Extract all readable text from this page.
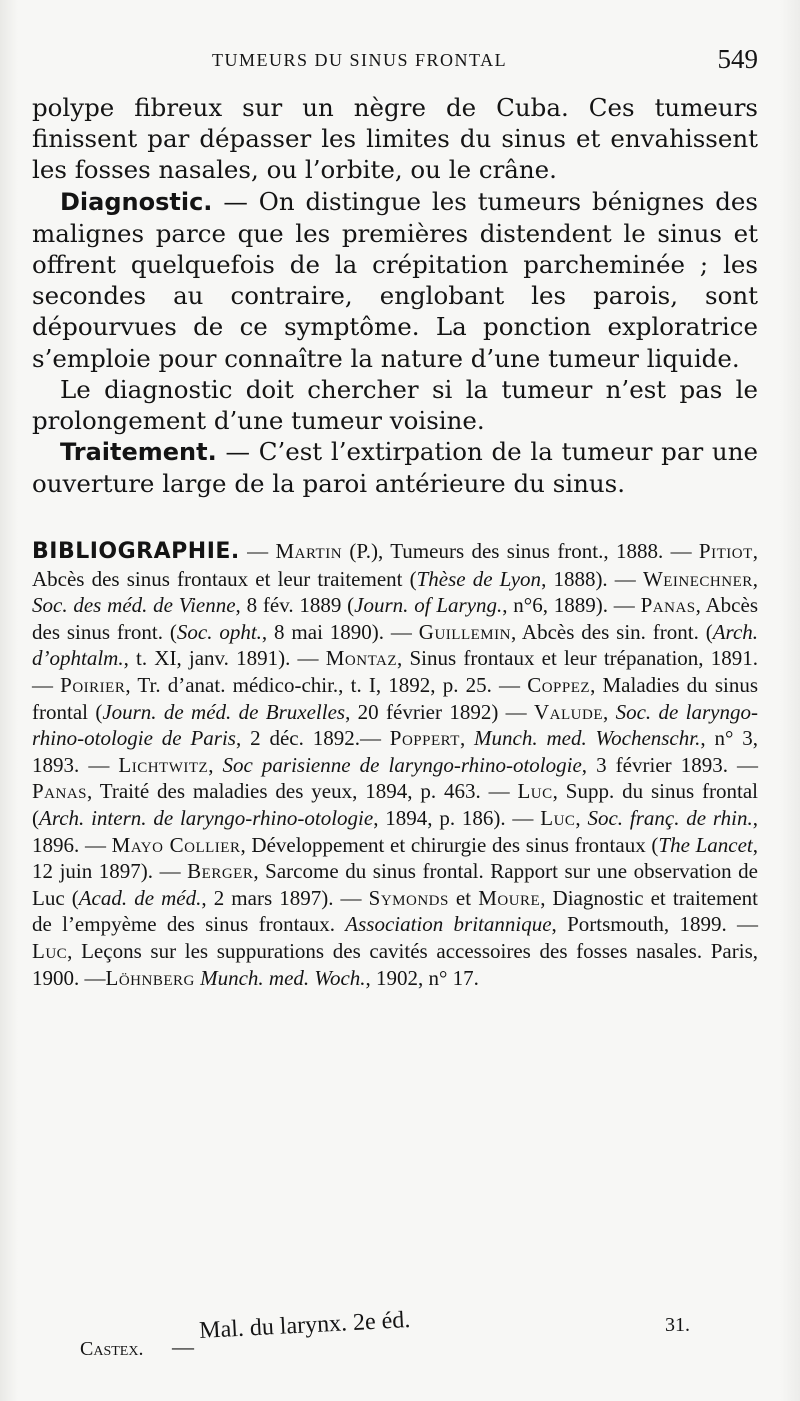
TUMEURS DU SINUS FRONTAL	549

polype fibreux sur un nègre de Cuba. Ces tumeurs finissent par dépasser les limites du sinus et envahissent les fosses nasales, ou l’orbite, ou le crâne.

Diagnostic. — On distingue les tumeurs bénignes des malignes parce que les premières distendent le sinus et offrent quelquefois de la crépitation parcheminée ; les secondes au contraire, englobant les parois, sont dépourvues de ce symptôme. La ponction exploratrice s’emploie pour connaître la nature d’une tumeur liquide.

Le diagnostic doit chercher si la tumeur n’est pas le prolongement d’une tumeur voisine.

Traitement. — C’est l’extirpation de la tumeur par une ouverture large de la paroi antérieure du sinus.

BIBLIOGRAPHIE. — Martin (P.), Tumeurs des sinus front., 1888. — Pitiot, Abcès des sinus frontaux et leur traitement (Thèse de Lyon, 1888). — Weinechner, Soc. des méd. de Vienne, 8 fév. 1889 (Journ. of Laryng., n°6, 1889). — Panas, Abcès des sinus front. (Soc. opht., 8 mai 1890). — Guillemin, Abcès des sin. front. (Arch. d’ophtalm., t. XI, janv. 1891). — Montaz, Sinus frontaux et leur trépanation, 1891. — Poirier, Tr. d’anat. médico-chir., t. I, 1892, p. 25. — Coppez, Maladies du sinus frontal (Journ. de méd. de Bruxelles, 20 février 1892) — Valude, Soc. de laryngo-rhino-otologie de Paris, 2 déc. 1892.— Poppert, Munch. med. Wochenschr., n° 3, 1893. — Lichtwitz, Soc parisienne de laryngo-rhino-otologie, 3 février 1893. — Panas, Traité des maladies des yeux, 1894, p. 463. — Luc, Supp. du sinus frontal (Arch. intern. de laryngo-rhino-otologie, 1894, p. 186). — Luc, Soc. franç. de rhin., 1896. — Mayo Collier, Développement et chirurgie des sinus frontaux (The Lancet, 12 juin 1897). — Berger, Sarcome du sinus frontal. Rapport sur une observation de Luc (Acad. de méd., 2 mars 1897). — Symonds et Moure, Diagnostic et traitement de l’empyème des sinus frontaux. Association britannique, Portsmouth, 1899. — Luc, Leçons sur les suppurations des cavités accessoires des fosses nasales. Paris, 1900. —Löhnberg Munch. med. Woch., 1902, n° 17.
Castex. —
Mal. du larynx. 2e éd.	31.
